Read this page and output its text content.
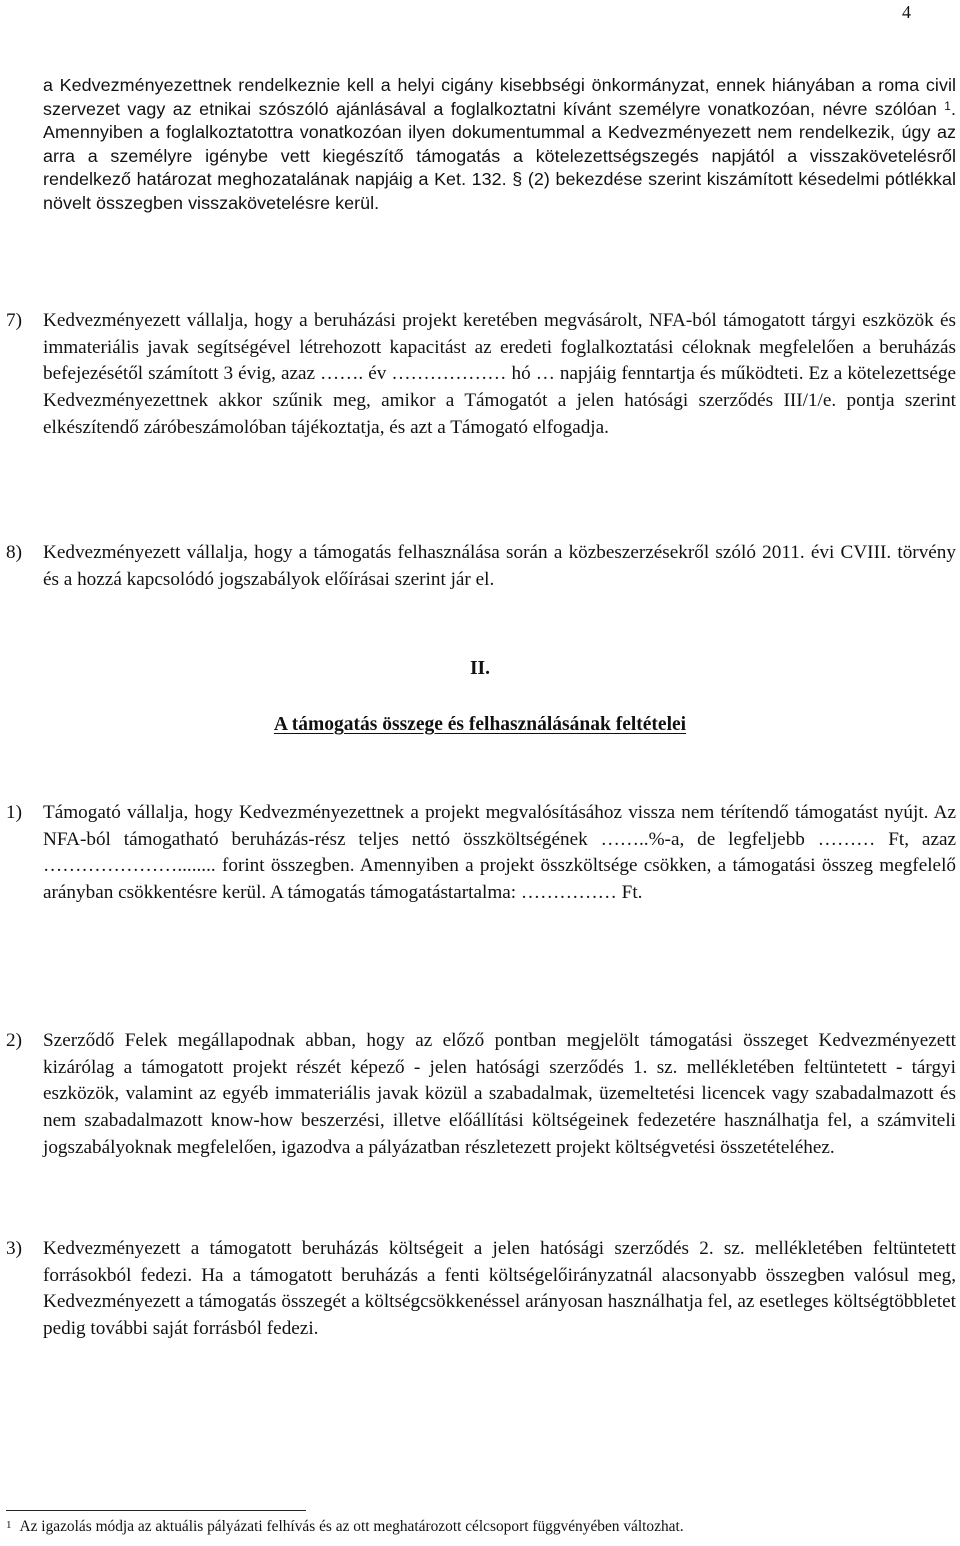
4

a Kedvezményezettnek rendelkeznie kell a helyi cigány kisebbségi önkormányzat, ennek hiányában a roma civil szervezet vagy az etnikai szószóló ajánlásával a foglalkoztatni kívánt személyre vonatkozóan, névre szólóan $^1$. Amennyiben a foglalkoztatottra vonatkozóan ilyen dokumentummal a Kedvezményezett nem rendelkezik, úgy az arra a személyre igénybe vett kiegészítő támogatás a kötelezettségszegés napjától a visszakövetelésről rendelkező határozat meghozatalának napjáig a Ket. 132. § (2) bekezdése szerint kiszámított késedelmi pótlékkal növelt összegben visszakövetelésre kerül.

7) Kedvezményezett vállalja, hogy a beruházási projekt keretében megvásárolt, NFA-ból támogatott tárgyi eszközök és immateriális javak segítségével létrehozott kapacitást az eredeti foglalkoztatási céloknak megfelelően a beruházás befejezésétől számított 3 évig, azaz ……. év ……………… hó … napjáig fenntartja és működteti. Ez a kötelezettsége Kedvezményezettnek akkor szűnik meg, amikor a Támogatót a jelen hatósági szerződés III/1/e. pontja szerint elkészítendő záróbeszámolóban tájékoztatja, és azt a Támogató elfogadja.
8) Kedvezményezett vállalja, hogy a támogatás felhasználása során a közbeszerzésekről szóló 2011. évi CVIII. törvény és a hozzá kapcsolódó jogszabályok előírásai szerint jár el.
II.
A támogatás összege és felhasználásának feltételei
1) Támogató vállalja, hogy Kedvezményezettnek a projekt megvalósításához vissza nem térítendő támogatást nyújt. Az NFA-ból támogatható beruházás-rész teljes nettó összköltségének ……..%-a, de legfeljebb ……… Ft, azaz …………………........ forint összegben. Amennyiben a projekt összköltsége csökken, a támogatási összeg megfelelő arányban csökkentésre kerül. A támogatás támogatástartalma: …………… Ft.
2) Szerződő Felek megállapodnak abban, hogy az előző pontban megjelölt támogatási összeget Kedvezményezett kizárólag a támogatott projekt részét képező - jelen hatósági szerződés 1. sz. mellékletében feltüntetett - tárgyi eszközök, valamint az egyéb immateriális javak közül a szabadalmak, üzemeltetési licencek vagy szabadalmazott és nem szabadalmazott know-how beszerzési, illetve előállítási költségeinek fedezetére használhatja fel, a számviteli jogszabályoknak megfelelően, igazodva a pályázatban részletezett projekt költségvetési összetételéhez.
3) Kedvezményezett a támogatott beruházás költségeit a jelen hatósági szerződés 2. sz. mellékletében feltüntetett forrásokból fedezi. Ha a támogatott beruházás a fenti költségelőirányzatnál alacsonyabb összegben valósul meg, Kedvezményezett a támogatás összegét a költségcsökkenéssel arányosan használhatja fel, az esetleges költségtöbbletet pedig további saját forrásból fedezi.
$^1$ Az igazolás módja az aktuális pályázati felhívás és az ott meghatározott célcsoport függvényében változhat.
